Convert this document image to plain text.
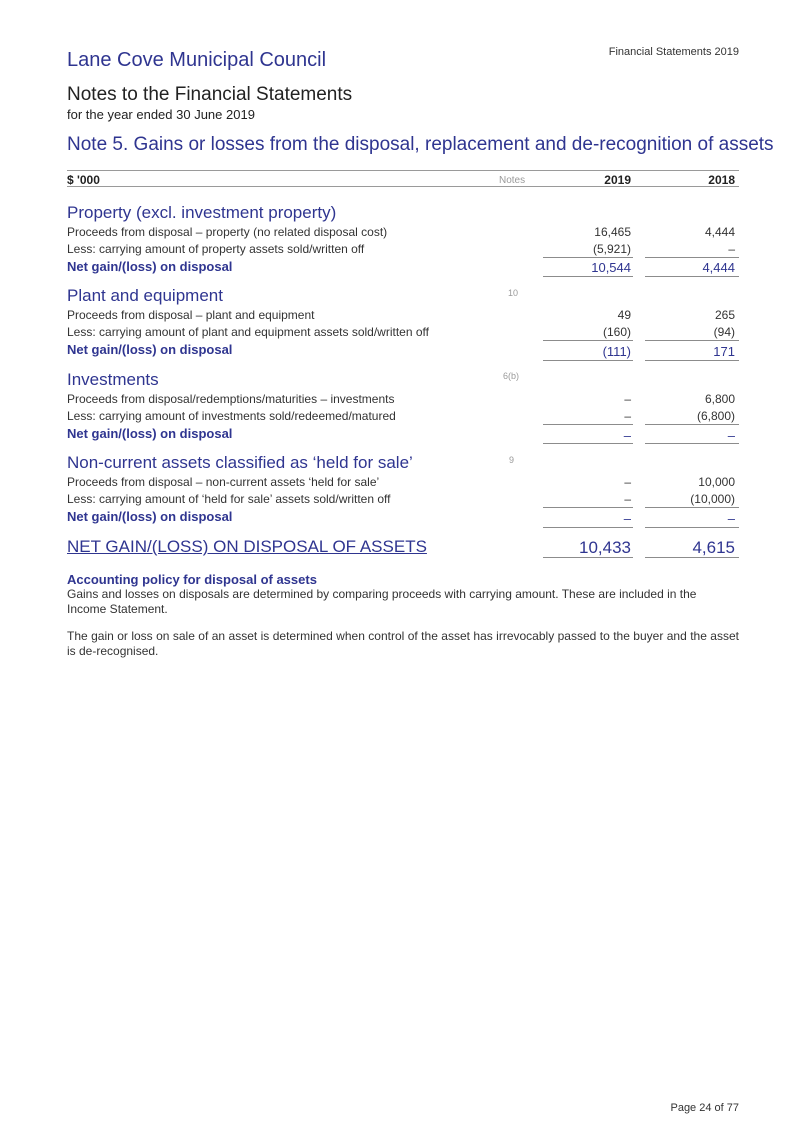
Lane Cove Municipal Council	Financial Statements 2019
Notes to the Financial Statements
for the year ended 30 June 2019
Note 5. Gains or losses from the disposal, replacement and de-recognition of assets
$ '000	Notes	2019	2018
Property (excl. investment property)
Proceeds from disposal – property (no related disposal cost)	16,465	4,444
Less: carrying amount of property assets sold/written off	(5,921)	–
Net gain/(loss) on disposal	10,544	4,444
Plant and equipment	10
Proceeds from disposal – plant and equipment	49	265
Less: carrying amount of plant and equipment assets sold/written off	(160)	(94)
Net gain/(loss) on disposal	(111)	171
Investments	6(b)
Proceeds from disposal/redemptions/maturities – investments	–	6,800
Less: carrying amount of investments sold/redeemed/matured	–	(6,800)
Net gain/(loss) on disposal	–	–
Non-current assets classified as ‘held for sale’	9
Proceeds from disposal – non-current assets ‘held for sale’	–	10,000
Less: carrying amount of ‘held for sale’ assets sold/written off	–	(10,000)
Net gain/(loss) on disposal	–	–
NET GAIN/(LOSS) ON DISPOSAL OF ASSETS	10,433	4,615
Accounting policy for disposal of assets
Gains and losses on disposals are determined by comparing proceeds with carrying amount. These are included in the Income Statement.
The gain or loss on sale of an asset is determined when control of the asset has irrevocably passed to the buyer and the asset is de-recognised.
Page 24 of 77
